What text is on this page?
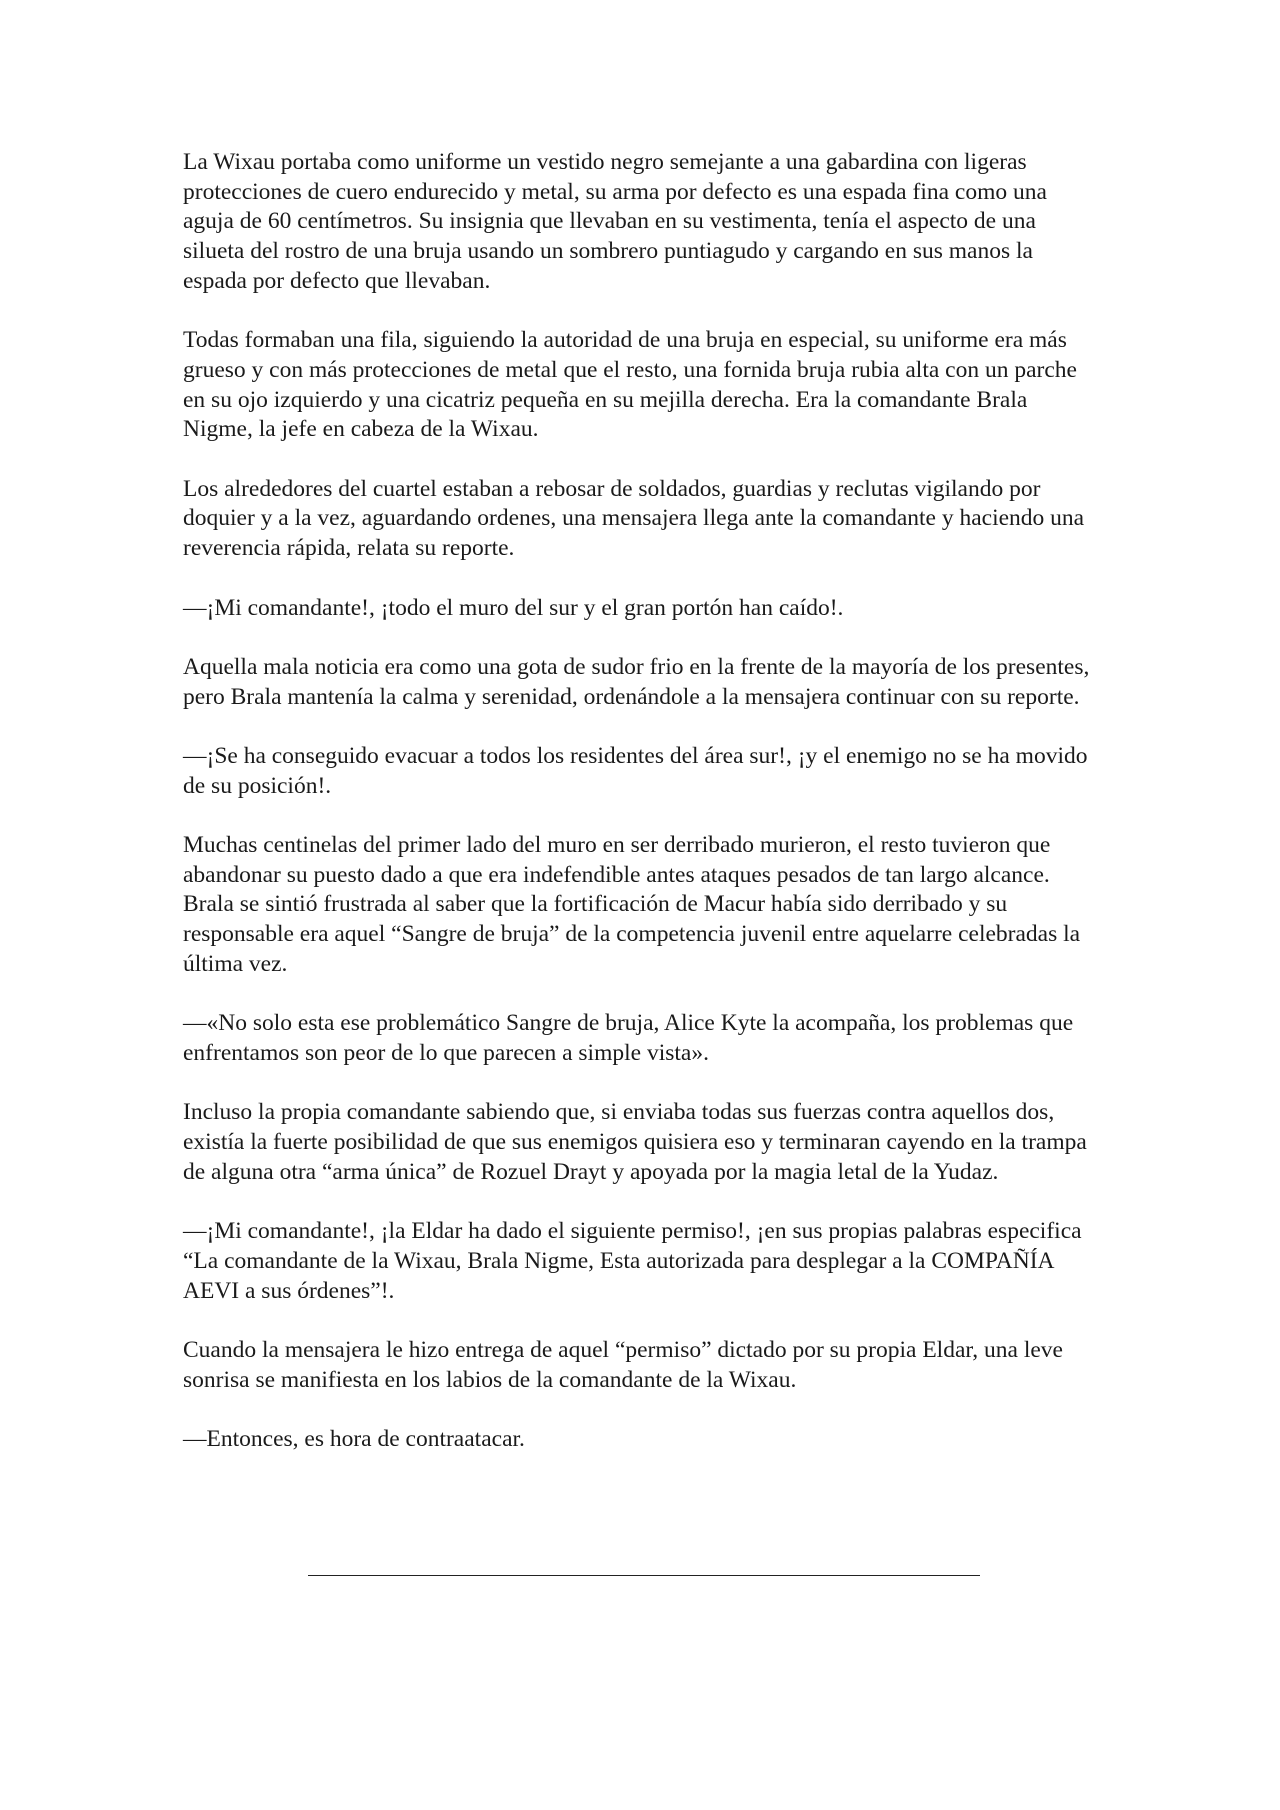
La Wixau portaba como uniforme un vestido negro semejante a una gabardina con ligeras protecciones de cuero endurecido y metal, su arma por defecto es una espada fina como una aguja de 60 centímetros. Su insignia que llevaban en su vestimenta, tenía el aspecto de una silueta del rostro de una bruja usando un sombrero puntiagudo y cargando en sus manos la espada por defecto que llevaban.

Todas formaban una fila, siguiendo la autoridad de una bruja en especial, su uniforme era más grueso y con más protecciones de metal que el resto, una fornida bruja rubia alta con un parche en su ojo izquierdo y una cicatriz pequeña en su mejilla derecha. Era la comandante Brala Nigme, la jefe en cabeza de la Wixau.

Los alrededores del cuartel estaban a rebosar de soldados, guardias y reclutas vigilando por doquier y a la vez, aguardando ordenes, una mensajera llega ante la comandante y haciendo una reverencia rápida, relata su reporte.

—¡Mi comandante!, ¡todo el muro del sur y el gran portón han caído!.

Aquella mala noticia era como una gota de sudor frio en la frente de la mayoría de los presentes, pero Brala mantenía la calma y serenidad, ordenándole a la mensajera continuar con su reporte.

—¡Se ha conseguido evacuar a todos los residentes del área sur!, ¡y el enemigo no se ha movido de su posición!.

Muchas centinelas del primer lado del muro en ser derribado murieron, el resto tuvieron que abandonar su puesto dado a que era indefendible antes ataques pesados de tan largo alcance. Brala se sintió frustrada al saber que la fortificación de Macur había sido derribado y su responsable era aquel “Sangre de bruja” de la competencia juvenil entre aquelarre celebradas la última vez.

—«No solo esta ese problemático Sangre de bruja, Alice Kyte la acompaña, los problemas que enfrentamos son peor de lo que parecen a simple vista».

Incluso la propia comandante sabiendo que, si enviaba todas sus fuerzas contra aquellos dos, existía la fuerte posibilidad de que sus enemigos quisiera eso y terminaran cayendo en la trampa de alguna otra “arma única” de Rozuel Drayt y apoyada por la magia letal de la Yudaz.

—¡Mi comandante!, ¡la Eldar ha dado el siguiente permiso!, ¡en sus propias palabras especifica “La comandante de la Wixau, Brala Nigme, Esta autorizada para desplegar a la COMPAÑÍA AEVI a sus órdenes”!.

Cuando la mensajera le hizo entrega de aquel “permiso” dictado por su propia Eldar, una leve sonrisa se manifiesta en los labios de la comandante de la Wixau.

—Entonces, es hora de contraatacar.
